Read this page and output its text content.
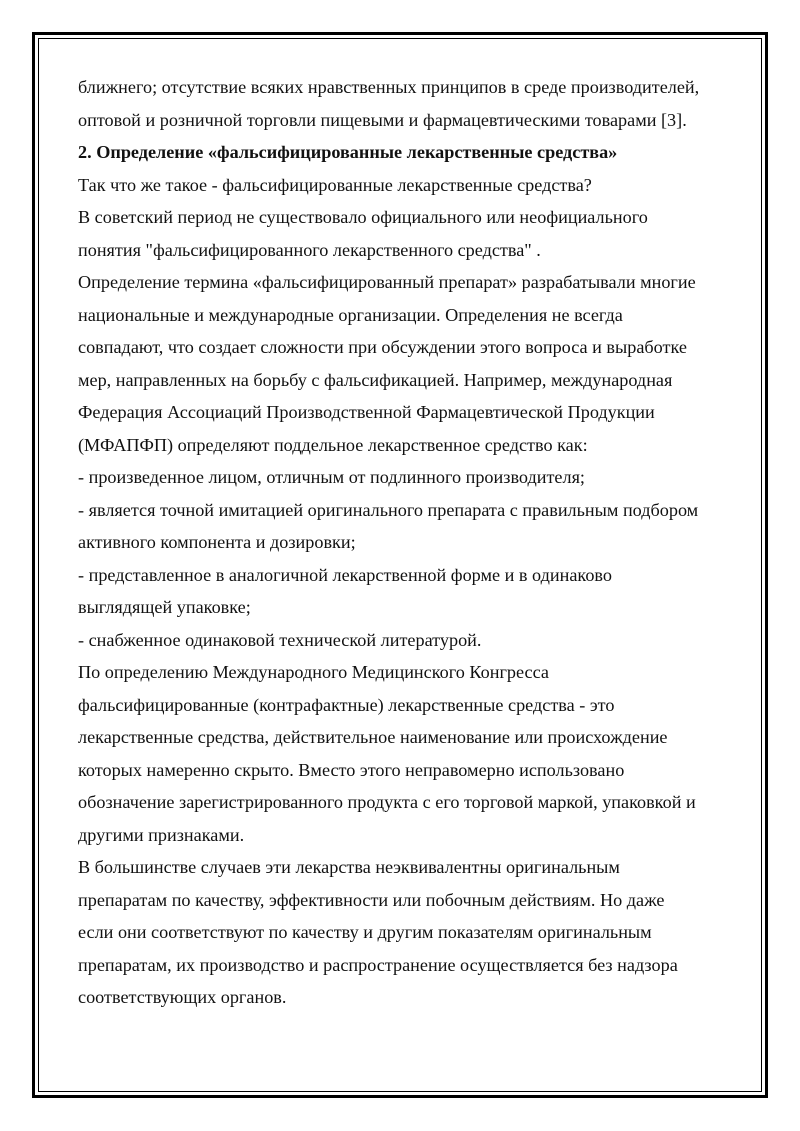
ближнего; отсутствие всяких нравственных принципов в среде производителей,

оптовой и розничной торговли пищевыми и фармацевтическими товарами [3].

2. Определение «фальсифицированные лекарственные средства»

Так что же такое - фальсифицированные лекарственные средства?

В советский период не существовало официального или неофициального

понятия "фальсифицированного лекарственного средства" .

Определение термина «фальсифицированный препарат» разрабатывали многие

национальные и международные организации. Определения не всегда

совпадают, что создает сложности при обсуждении этого вопроса и выработке

мер, направленных на борьбу с фальсификацией. Например, международная

Федерация Ассоциаций Производственной Фармацевтической Продукции

(МФАПФП) определяют поддельное лекарственное средство как:

- произведенное лицом, отличным от подлинного производителя;

- является точной имитацией оригинального препарата с правильным подбором

активного компонента и дозировки;

- представленное в аналогичной лекарственной форме и в одинаково

выглядящей упаковке;

- снабженное одинаковой технической литературой.

По определению Международного Медицинского Конгресса

фальсифицированные (контрафактные) лекарственные средства - это

лекарственные средства, действительное наименование или происхождение

которых намеренно скрыто. Вместо этого неправомерно использовано

обозначение зарегистрированного продукта с его торговой маркой, упаковкой и

другими признаками.

В большинстве случаев эти лекарства неэквивалентны оригинальным

препаратам по качеству, эффективности или побочным действиям. Но даже

если они соответствуют по качеству и другим показателям оригинальным

препаратам, их производство и распространение осуществляется без надзора

соответствующих органов.
